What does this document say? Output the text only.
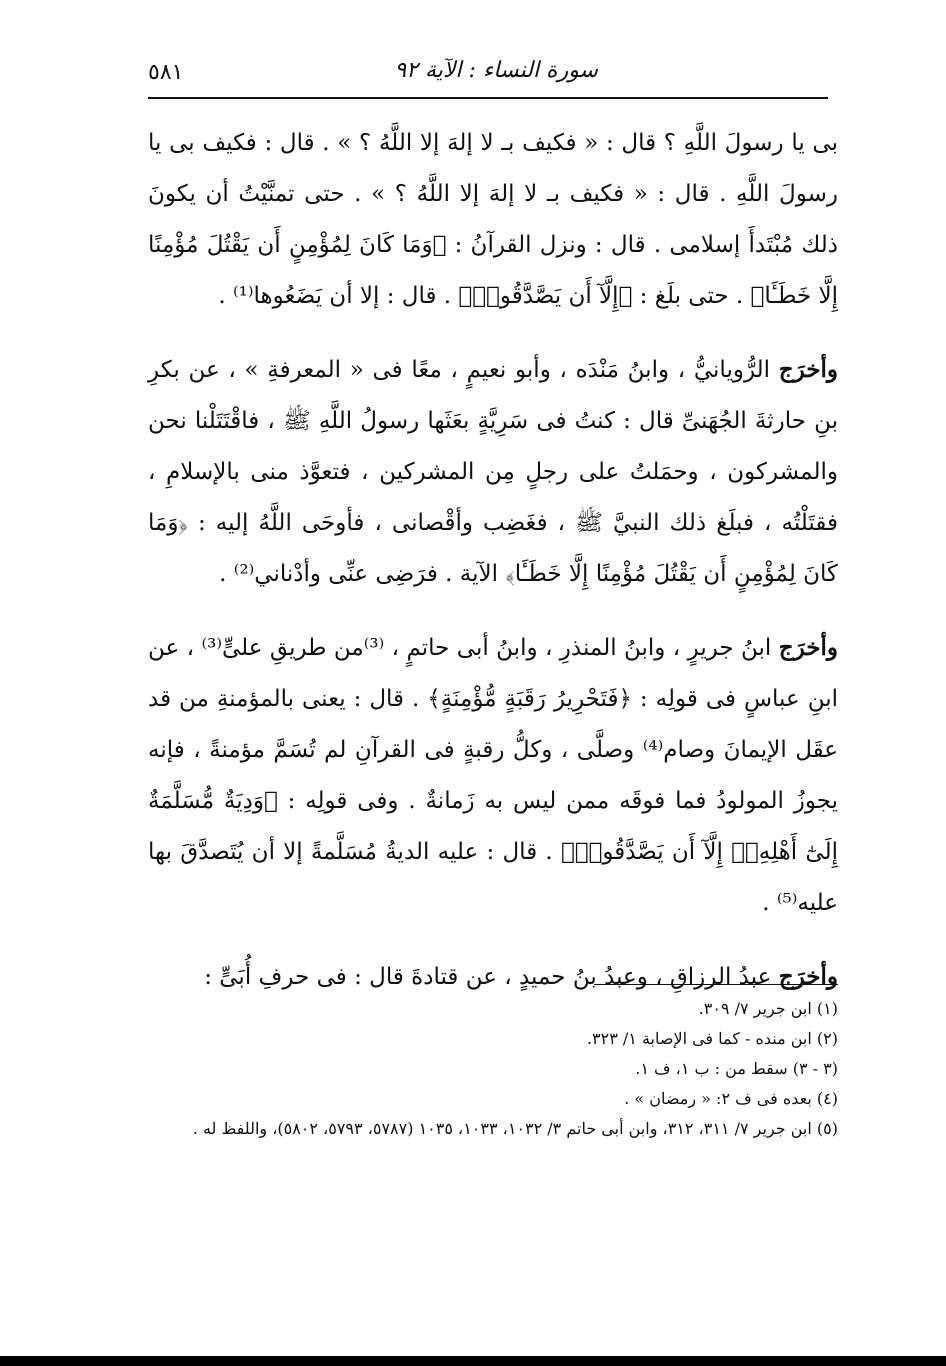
٥٨١	سورة النساء : الآية ٩٢

بى يا رسولَ اللَّهِ ؟ قال : « فكيف بـ لا إلهَ إلا اللَّهُ ؟ » . قال : فكيف بى يا رسولَ اللَّهِ . قال : « فكيف بـ لا إلهَ إلا اللَّهُ ؟ » . حتى تمنَّيْتُ أن يكونَ ذلك مُبْتَدأَ إسلامى . قال : ونزل القرآنُ : ﴿وَمَا كَانَ لِمُؤْمِنٍ أَن يَقْتُلَ مُؤْمِنًا إِلَّا خَطَـَٔا﴾ . حتى بلَغ : ﴿إِلَّآ أَن يَصَّدَّقُوا۟﴾ . قال : إلا أن يَضَعُوها⁽¹⁾ .

وأخرَج الرُّويانيُّ ، وابنُ مَنْدَه ، وأبو نعيمٍ ، معًا فى « المعرفةِ » ، عن بكرِ بنِ حارثةَ الجُهَنىِّ قال : كنتُ فى سَرِيَّةٍ بعَثَها رسولُ اللَّهِ ﷺ ، فاقْتَتَلْنا نحن والمشركون ، وحمَلتُ على رجلٍ مِن المشركين ، فتعوَّذ منى بالإسلامِ ، فقتَلْتُه ، فبلَغ ذلك النبيَّ ﷺ ، فغَضِب وأقْصانى ، فأوحَى اللَّهُ إليه : ﴿وَمَا كَانَ لِمُؤْمِنٍ أَن يَقْتُلَ مُؤْمِنًا إِلَّا خَطَـَٔا﴾ الآية . فرَضِى عنِّى وأدْناني⁽²⁾ .

وأخرَج ابنُ جريرٍ ، وابنُ المنذرِ ، وابنُ أبى حاتمٍ ، ⁽³⁾من طريقِ علىٍّ⁽³⁾ ، عن ابنِ عباسٍ فى قولِه : ﴿فَتَحْرِيرُ رَقَبَةٍ مُّؤْمِنَةٍ﴾ . قال : يعنى بالمؤمنةِ من قد عقَل الإيمانَ وصام⁽⁴⁾ وصلَّى ، وكلُّ رقبةٍ فى القرآنِ لم تُسَمَّ مؤمنةً ، فإنه يجوزُ المولودُ فما فوقَه ممن ليس به زَمانةٌ . وفى قولِه : ﴿وَدِيَةٌ مُّسَلَّمَةٌ إِلَىٰٓ أَهْلِهِۦٓ إِلَّآ أَن يَصَّدَّقُوا۟﴾ . قال : عليه الديةُ مُسَلَّمةً إلا أن يُتَصدَّقَ بها عليه⁽⁵⁾ .

وأخرَج عبدُ الرزاقِ ، وعبدُ بنُ حميدٍ ، عن قتادةَ قال : فى حرفِ أُبَىٍّ :

(١) ابن جرير ٧/ ٣٠٩.

(٢) ابن منده - كما فى الإصابة ١/ ٣٢٣.

(٣ - ٣) سقط من : ب ١، ف ١.

(٤) بعده فى ف ٢: « رمضان » .

(٥) ابن جرير ٧/ ٣١١، ٣١٢، وابن أبى حاتم ٣/ ١٠٣٢، ١٠٣٣، ١٠٣٥ (٥٧٨٧، ٥٧٩٣، ٥٨٠٢)، واللفظ له .
